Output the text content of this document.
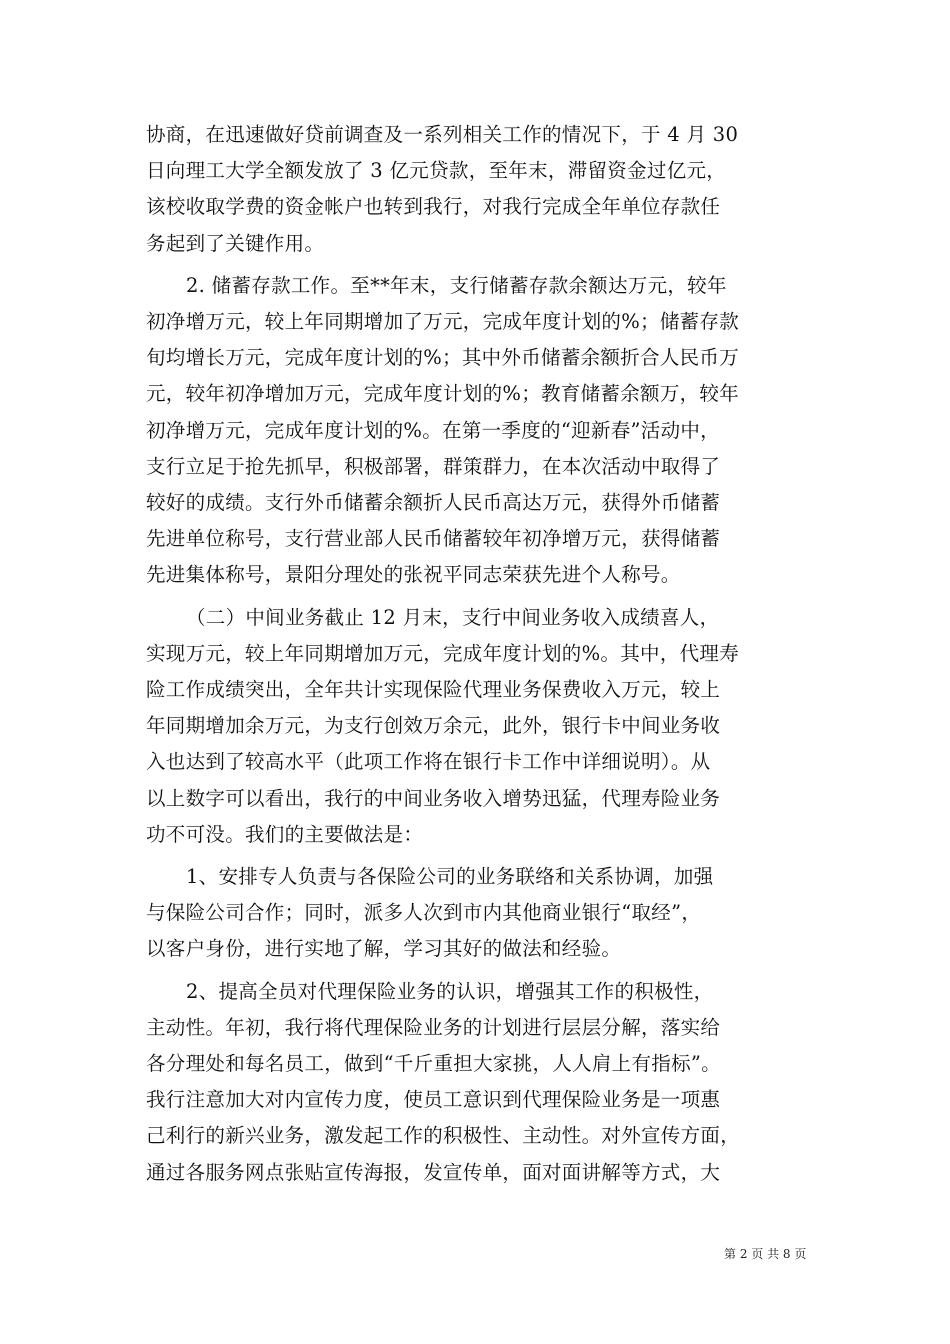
协商，在迅速做好贷前调查及一系列相关工作的情况下，于 4 月 30
日向理工大学全额发放了 3 亿元贷款，至年末，滞留资金过亿元，
该校收取学费的资金帐户也转到我行，对我行完成全年单位存款任
务起到了关键作用。
2. 储蓄存款工作。至**年末，支行储蓄存款余额达万元，较年
初净增万元，较上年同期增加了万元，完成年度计划的%；储蓄存款
旬均增长万元，完成年度计划的%；其中外币储蓄余额折合人民币万
元，较年初净增加万元，完成年度计划的%；教育储蓄余额万，较年
初净增万元，完成年度计划的%。在第一季度的“迎新春”活动中，
支行立足于抢先抓早，积极部署，群策群力，在本次活动中取得了
较好的成绩。支行外币储蓄余额折人民币高达万元，获得外币储蓄
先进单位称号，支行营业部人民币储蓄较年初净增万元，获得储蓄
先进集体称号，景阳分理处的张祝平同志荣获先进个人称号。
（二）中间业务截止 12 月末，支行中间业务收入成绩喜人，
实现万元，较上年同期增加万元，完成年度计划的%。其中，代理寿
险工作成绩突出，全年共计实现保险代理业务保费收入万元，较上
年同期增加余万元，为支行创效万余元，此外，银行卡中间业务收
入也达到了较高水平（此项工作将在银行卡工作中详细说明）。从
以上数字可以看出，我行的中间业务收入增势迅猛，代理寿险业务
功不可没。我们的主要做法是：
1、安排专人负责与各保险公司的业务联络和关系协调，加强
与保险公司合作；同时，派多人次到市内其他商业银行“取经”，
以客户身份，进行实地了解，学习其好的做法和经验。
2、提高全员对代理保险业务的认识，增强其工作的积极性，
主动性。年初，我行将代理保险业务的计划进行层层分解，落实给
各分理处和每名员工，做到“千斤重担大家挑，人人肩上有指标”。
我行注意加大对内宣传力度，使员工意识到代理保险业务是一项惠
己利行的新兴业务，激发起工作的积极性、主动性。对外宣传方面，
通过各服务网点张贴宣传海报，发宣传单，面对面讲解等方式，大
第 2 页 共 8 页
